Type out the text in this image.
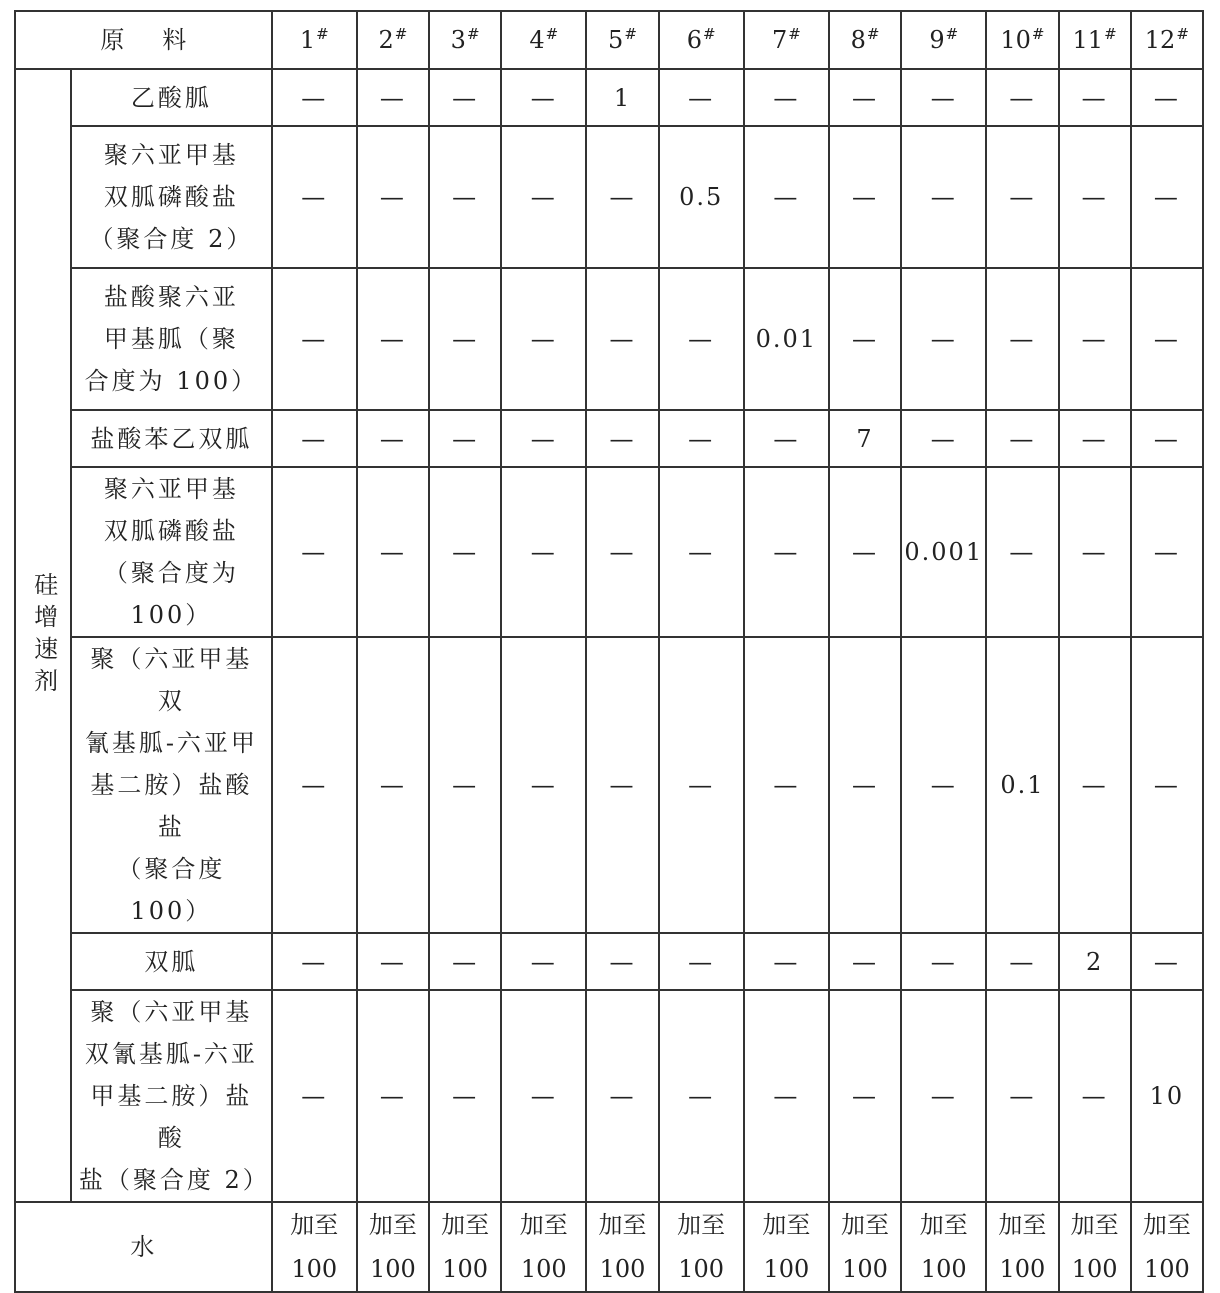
原料		1#	2#	3#	4#	5#	6#	7#	8#	9#	10#	11#	12#
硅增速剂	乙酸胍	—	—	—	—	1	—	—	—	—	—	—	—
	聚六亚甲基
双胍磷酸盐
（聚合度 2）	—	—	—	—	—	0.5	—	—	—	—	—	—
	盐酸聚六亚
甲基胍（聚
合度为 100）	—	—	—	—	—	—	0.01	—	—	—	—	—
	盐酸苯乙双胍	—	—	—	—	—	—	—	7	—	—	—	—
	聚六亚甲基
双胍磷酸盐
（聚合度为 100）	—	—	—	—	—	—	—	—	0.001	—	—	—
	聚（六亚甲基双
氰基胍-六亚甲
基二胺）盐酸盐
（聚合度 100）	—	—	—	—	—	—	—	—	—	0.1	—	—
	双胍	—	—	—	—	—	—	—	—	—	—	2	—
	聚（六亚甲基
双氰基胍-六亚
甲基二胺）盐酸
盐（聚合度 2）	—	—	—	—	—	—	—	—	—	—	—	10
水		加至
100	加至
100	加至
100	加至
100	加至
100	加至
100	加至
100	加至
100	加至
100	加至
100	加至
100	加至
100
